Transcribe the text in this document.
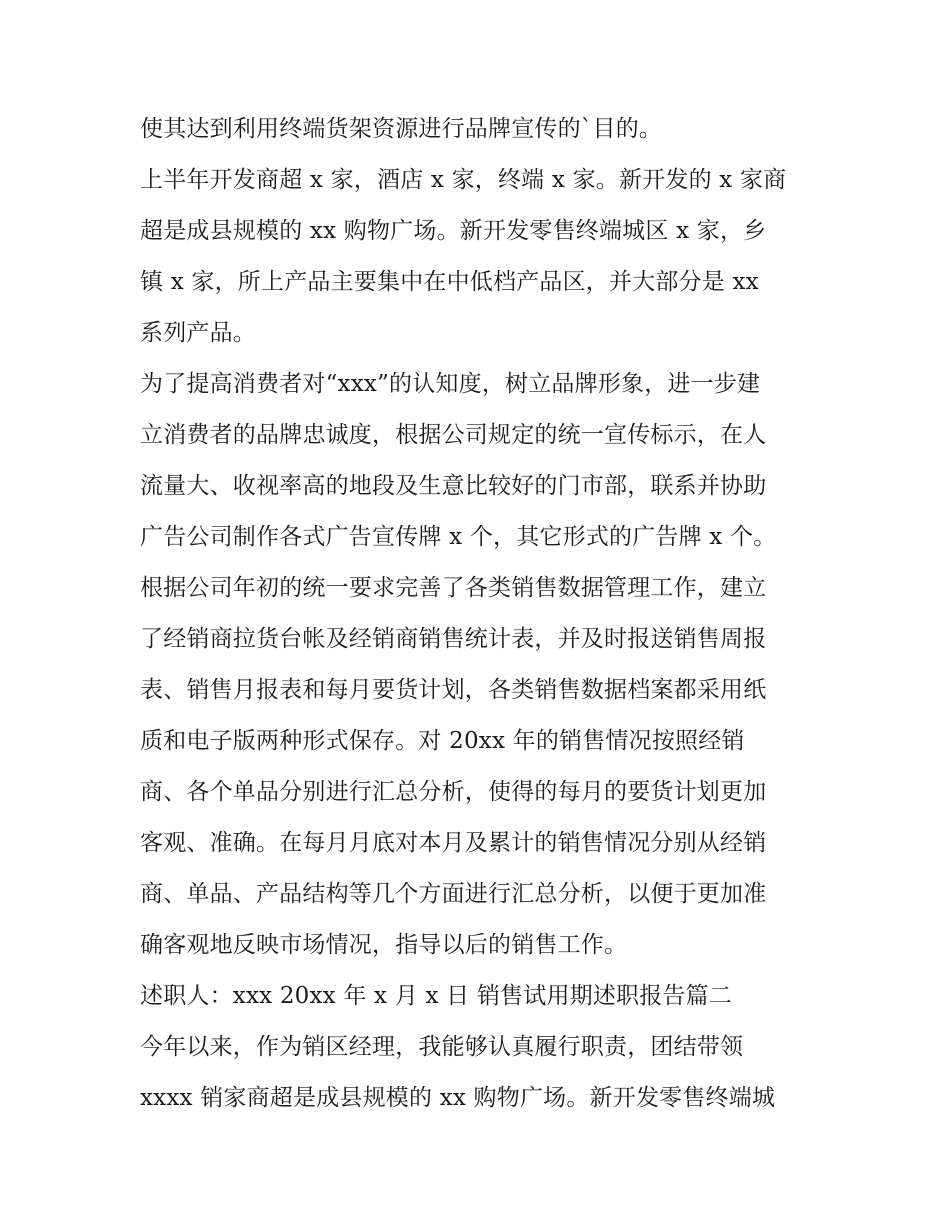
使其达到利用终端货架资源进行品牌宣传的`目的。

上半年开发商超 x 家，酒店 x 家，终端 x 家。新开发的 x 家商

超是成县规模的 xx 购物广场。新开发零售终端城区 x 家，乡

镇 x 家，所上产品主要集中在中低档产品区，并大部分是 xx

系列产品。

为了提高消费者对“xxx”的认知度，树立品牌形象，进一步建

立消费者的品牌忠诚度，根据公司规定的统一宣传标示，在人

流量大、收视率高的地段及生意比较好的门市部，联系并协助

广告公司制作各式广告宣传牌 x 个，其它形式的广告牌 x 个。

根据公司年初的统一要求完善了各类销售数据管理工作，建立

了经销商拉货台帐及经销商销售统计表，并及时报送销售周报

表、销售月报表和每月要货计划，各类销售数据档案都采用纸

质和电子版两种形式保存。对 20xx 年的销售情况按照经销

商、各个单品分别进行汇总分析，使得的每月的要货计划更加

客观、准确。在每月月底对本月及累计的销售情况分别从经销

商、单品、产品结构等几个方面进行汇总分析，以便于更加准

确客观地反映市场情况，指导以后的销售工作。

述职人：xxx 20xx 年 x 月 x 日 销售试用期述职报告篇二

今年以来，作为销区经理，我能够认真履行职责，团结带领

xxxx 销家商超是成县规模的 xx 购物广场。新开发零售终端城
